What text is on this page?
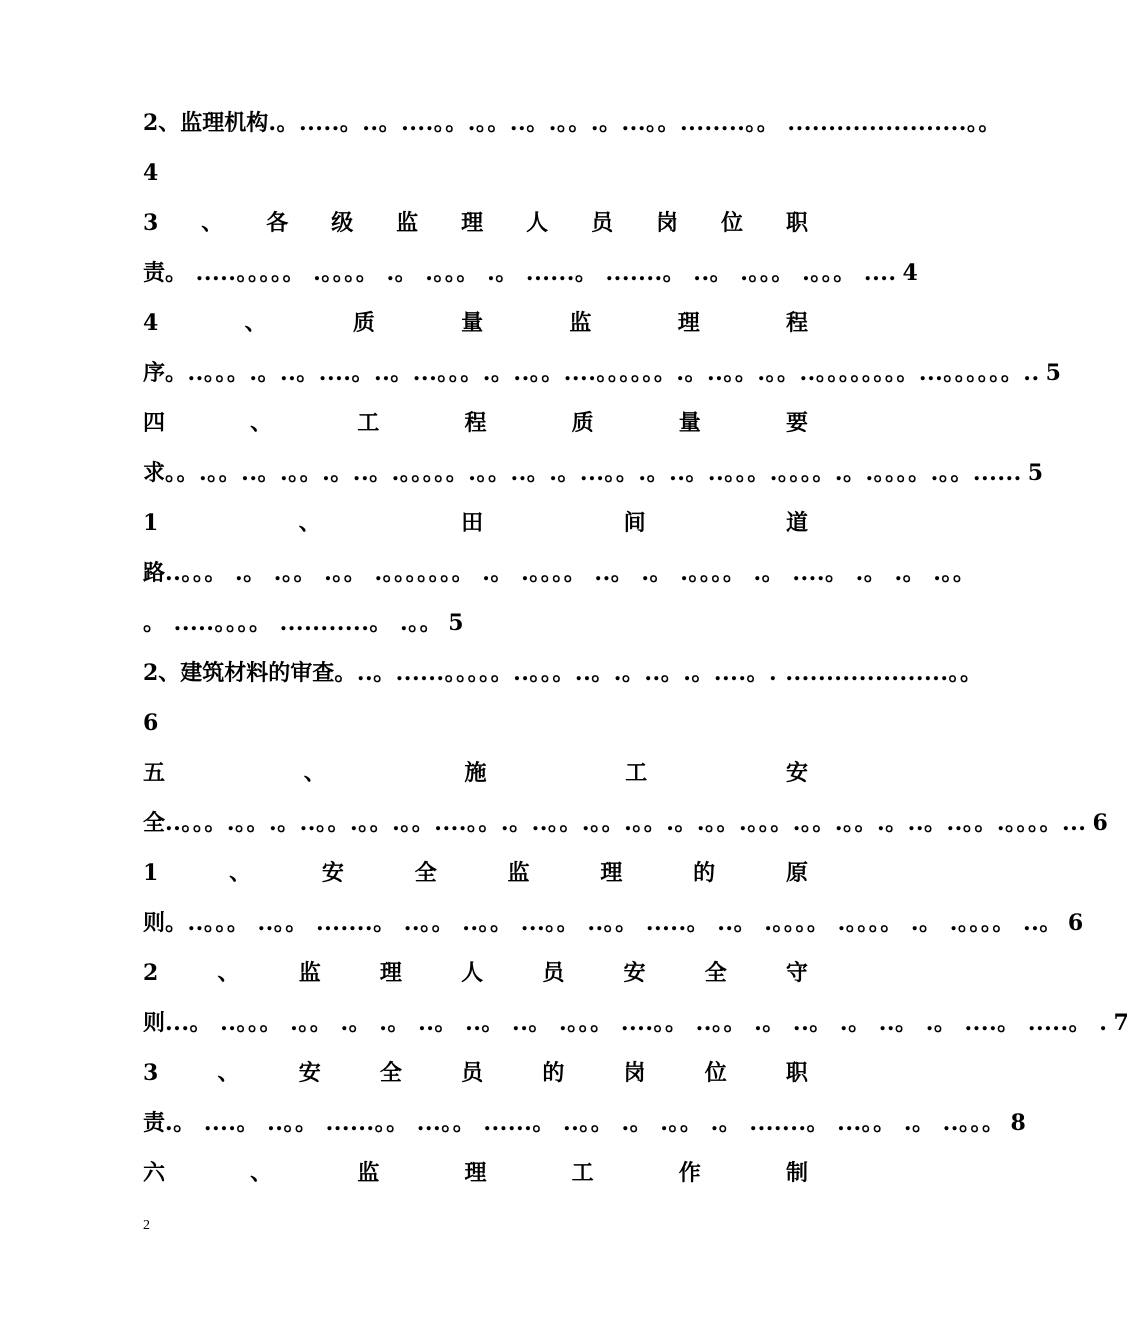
2、监理机构.。.....。..。....。。.。。..。.。。.。...。。........。。 ......................。。
4
3 、 各 级 监 理 人 员 岗 位 职
责。 .....。。。。。 .。。。。 .。 .。。。 .。 ......。 .......。 ..。 .。。。 .。。。 .... 4
4	、	质	量	监	理	程
序。..。。。.。..。....。..。...。。。.。..。。....。。。。。。.。..。。.。。..。。。。。。。。...。。。。。。.. 5
四	、	工	程	质	量	要
求。。.。。..。.。。.。..。.。。。。。.。。..。.。...。。.。..。..。。。.。。。。.。.。。。。.。。...... 5
1	、	田	间	道
路..。。。 .。 .。。 .。。 .。。。。。。。 .。 .。。。。 ..。 .。 .。。。。 .。 ....。 .。 .。 .。。
。 .....。。。。 ...........。 .。。 5
2、建筑材料的审查。..。......。。。。。..。。。..。.。..。.。....。. ....................。。
6
五	、	施	工	安
全..。。。.。。.。..。。.。。.。。....。。.。..。。.。。.。。.。.。。.。。。.。。.。。.。..。..。。.。。。。... 6
1	、	安	全	监	理	的	原
则。..。。。 ..。。 .......。 ..。。 ..。。 ...。。 ..。。 .....。 ..。 .。。。。 .。。。。 .。 .。。。。 ..。 6
2	、	监	理	人	员	安	全	守
则...。 ..。。。 .。。 .。 .。 ..。 ..。 ..。 .。。。 ....。。 ..。。 .。 ..。 .。 ..。 .。 ....。 .....。 . 7
3	、	安	全	员	的	岗	位	职
责.。 ....。 ..。。 ......。。 ...。。 ......。 ..。。 .。 .。。 .。 .......。 ...。。 .。 ..。。。 8
六	、	监	理	工	作	制
2
